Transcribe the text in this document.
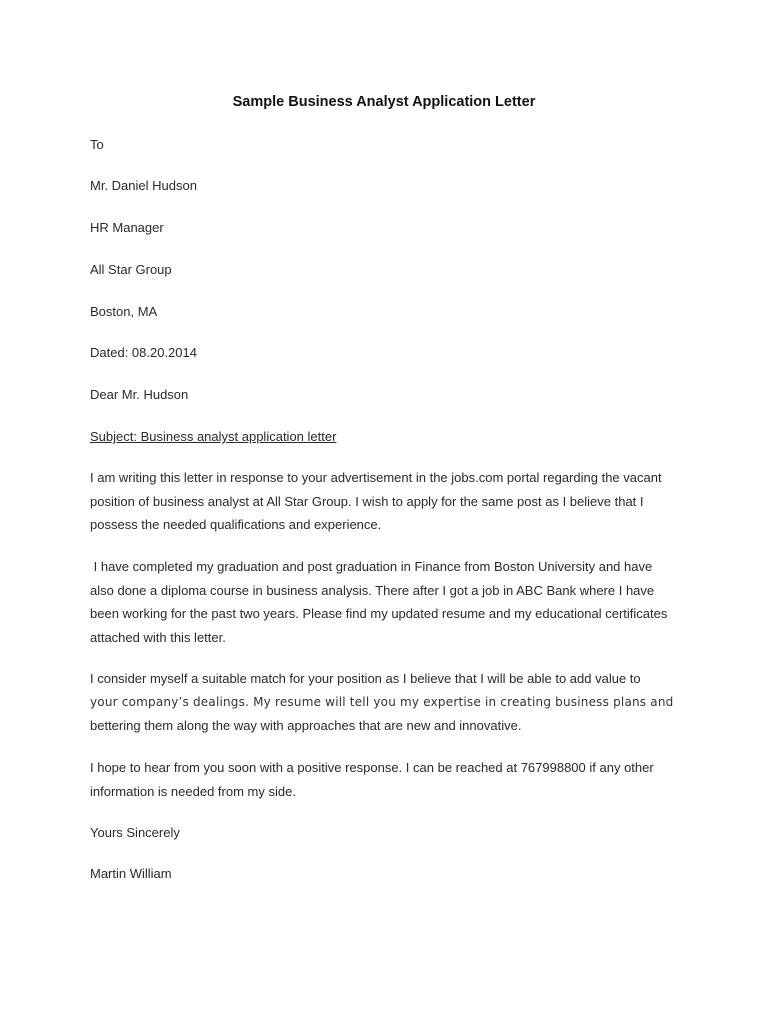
Sample Business Analyst Application Letter
To
Mr. Daniel Hudson
HR Manager
All Star Group
Boston, MA
Dated: 08.20.2014
Dear Mr. Hudson
Subject: Business analyst application letter
I am writing this letter in response to your advertisement in the jobs.com portal regarding the vacant
position of business analyst at All Star Group. I wish to apply for the same post as I believe that I
possess the needed qualifications and experience.
I have completed my graduation and post graduation in Finance from Boston University and have
also done a diploma course in business analysis. There after I got a job in ABC Bank where I have
been working for the past two years. Please find my updated resume and my educational certificates
attached with this letter.
I consider myself a suitable match for your position as I believe that I will be able to add value to
your company’s dealings. My resume will tell you my expertise in creating business plans and
bettering them along the way with approaches that are new and innovative.
I hope to hear from you soon with a positive response. I can be reached at 767998800 if any other
information is needed from my side.
Yours Sincerely
Martin William
